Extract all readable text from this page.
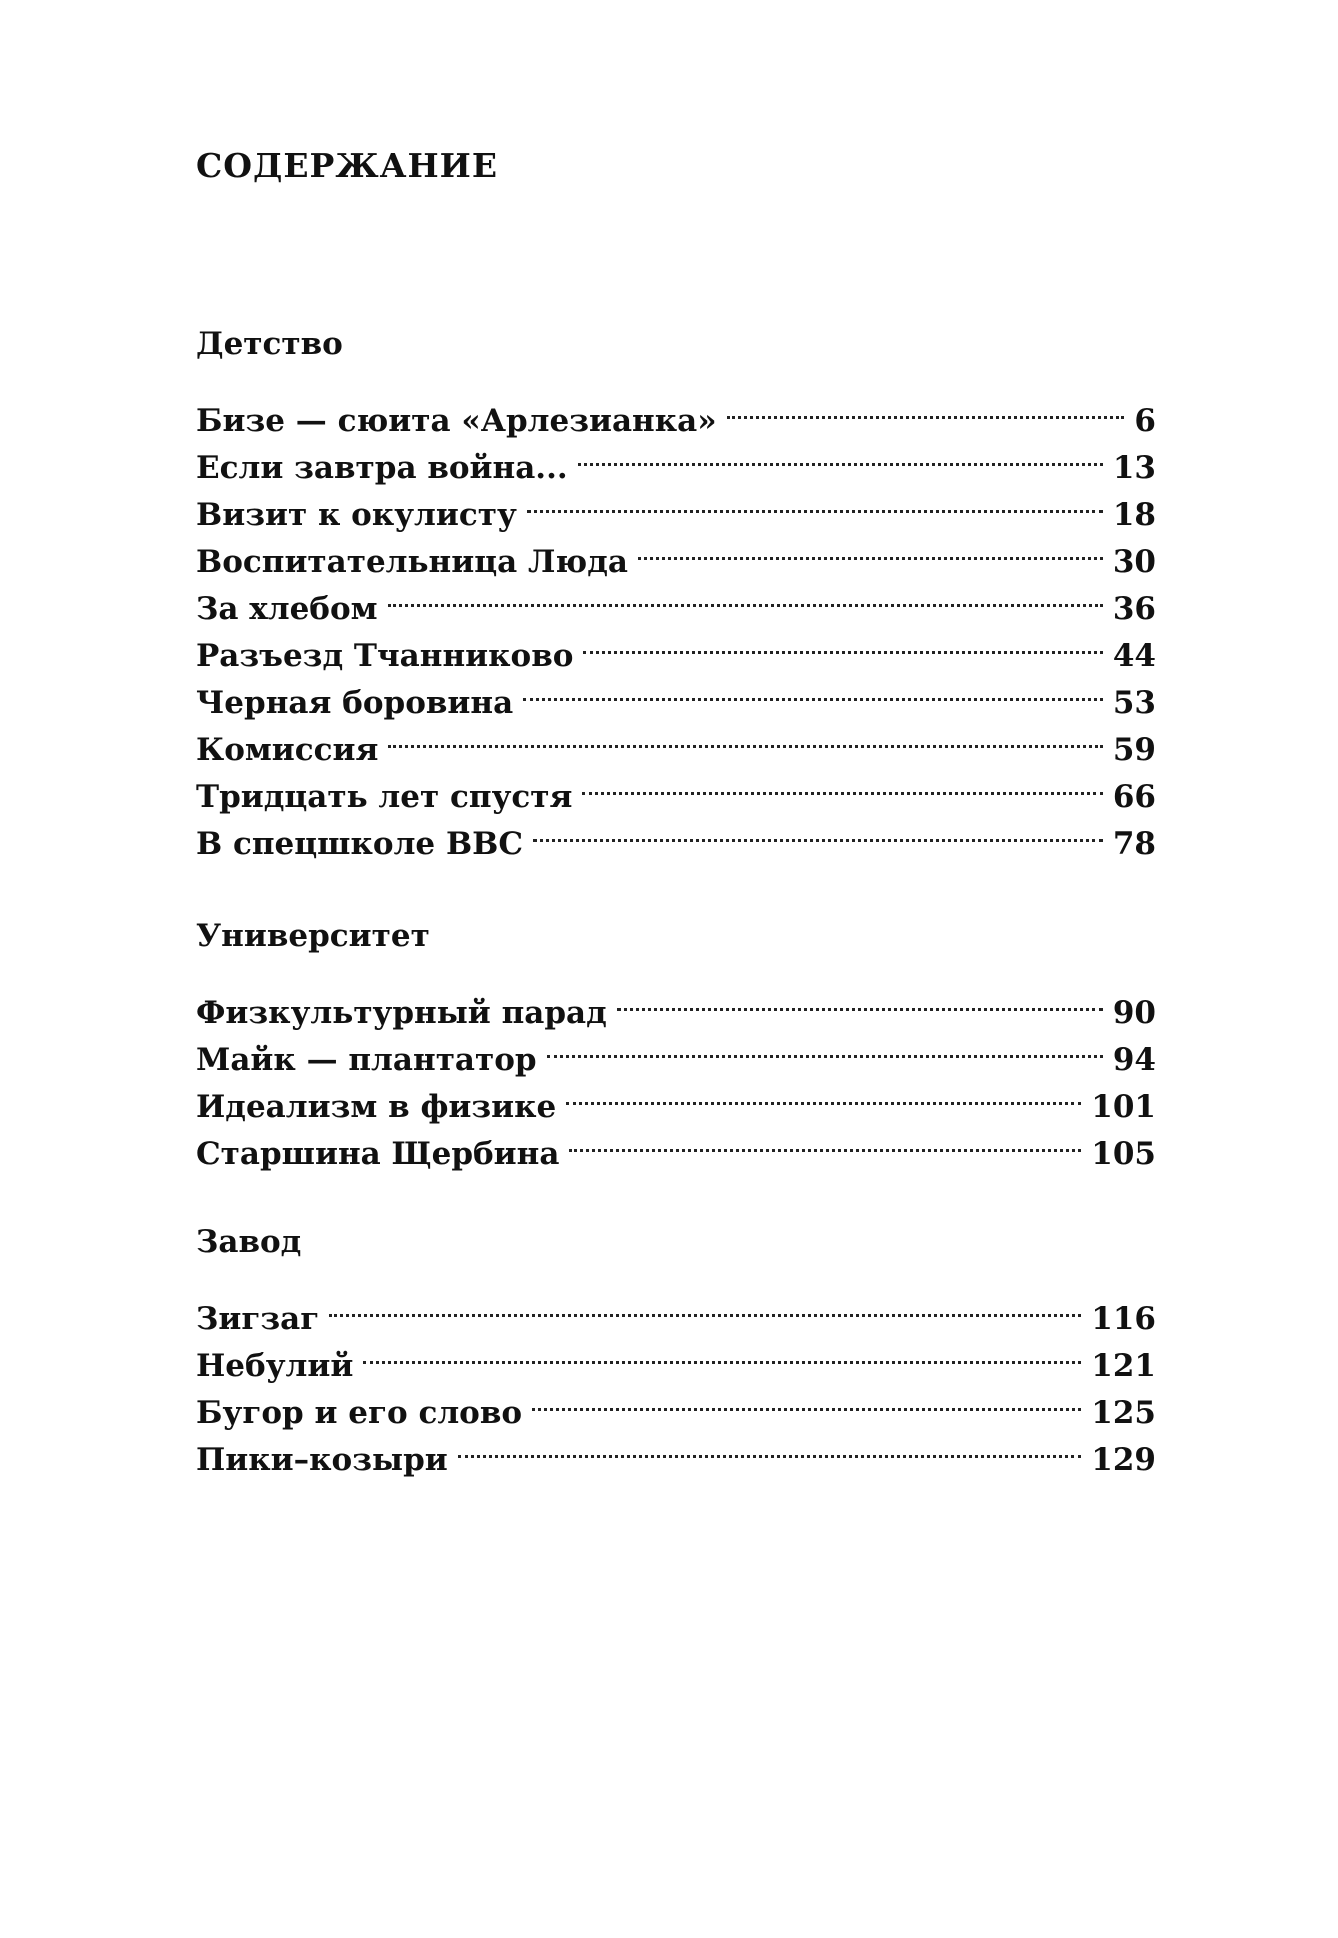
СОДЕРЖАНИЕ
Детство
Бизе — сюита «Арлезианка»	6
Если завтра война...	13
Визит к окулисту	18
Воспитательница Люда	30
За хлебом	36
Разъезд Тчанниково	44
Черная боровина	53
Комиссия	59
Тридцать лет спустя	66
В спецшколе ВВС	78
Университет
Физкультурный парад	90
Майк — плантатор	94
Идеализм в физике	101
Старшина Щербина	105
Завод
Зигзаг	116
Небулий	121
Бугор и его слово	125
Пики–козыри	129
